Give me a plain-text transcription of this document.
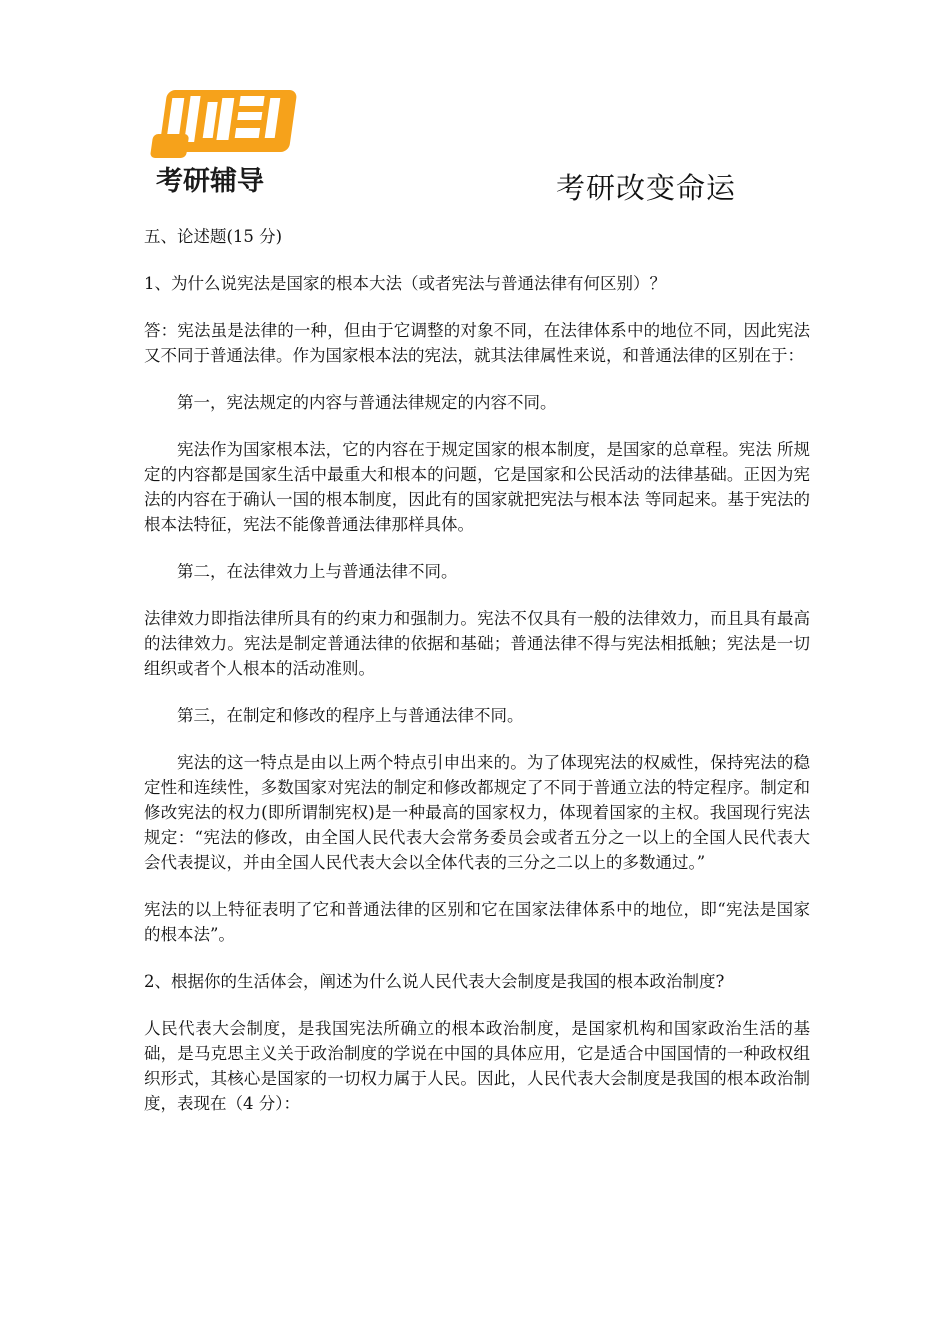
考研辅导	考研改变命运

五、论述题(15 分)

1、为什么说宪法是国家的根本大法（或者宪法与普通法律有何区别）？

答：宪法虽是法律的一种，但由于它调整的对象不同，在法律体系中的地位不同，因此宪法又不同于普通法律。作为国家根本法的宪法，就其法律属性来说，和普通法律的区别在于：

第一，宪法规定的内容与普通法律规定的内容不同。

宪法作为国家根本法，它的内容在于规定国家的根本制度，是国家的总章程。宪法 所规定的内容都是国家生活中最重大和根本的问题，它是国家和公民活动的法律基础。正因为宪法的内容在于确认一国的根本制度，因此有的国家就把宪法与根本法 等同起来。基于宪法的根本法特征，宪法不能像普通法律那样具体。

第二，在法律效力上与普通法律不同。

法律效力即指法律所具有的约束力和强制力。宪法不仅具有一般的法律效力，而且具有最高的法律效力。宪法是制定普通法律的依据和基础；普通法律不得与宪法相抵触；宪法是一切组织或者个人根本的活动准则。

第三，在制定和修改的程序上与普通法律不同。

宪法的这一特点是由以上两个特点引申出来的。为了体现宪法的权威性，保持宪法的稳定性和连续性，多数国家对宪法的制定和修改都规定了不同于普通立法的特定程序。制定和修改宪法的权力(即所谓制宪权)是一种最高的国家权力，体现着国家的主权。我国现行宪法规定：“宪法的修改，由全国人民代表大会常务委员会或者五分之一以上的全国人民代表大会代表提议，并由全国人民代表大会以全体代表的三分之二以上的多数通过。”

宪法的以上特征表明了它和普通法律的区别和它在国家法律体系中的地位，即“宪法是国家的根本法”。

2、根据你的生活体会，阐述为什么说人民代表大会制度是我国的根本政治制度?

人民代表大会制度，是我国宪法所确立的根本政治制度，是国家机构和国家政治生活的基础，是马克思主义关于政治制度的学说在中国的具体应用，它是适合中国国情的一种政权组织形式，其核心是国家的一切权力属于人民。因此，人民代表大会制度是我国的根本政治制度，表现在（4 分）：
